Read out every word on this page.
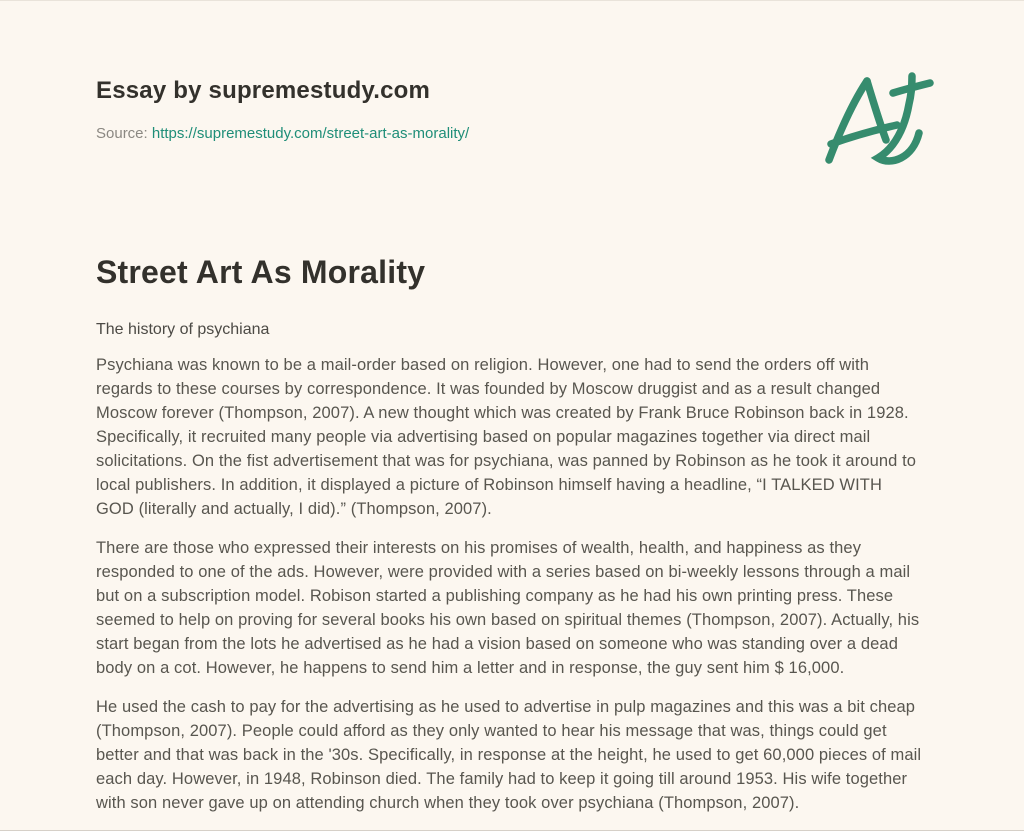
Essay by supremestudy.com
Source: https://supremestudy.com/street-art-as-morality/
Street Art As Morality
The history of psychiana

Psychiana was known to be a mail-order based on religion. However, one had to send the orders off with regards to these courses by correspondence. It was founded by Moscow druggist and as a result changed Moscow forever (Thompson, 2007). A new thought which was created by Frank Bruce Robinson back in 1928. Specifically, it recruited many people via advertising based on popular magazines together via direct mail solicitations. On the fist advertisement that was for psychiana, was panned by Robinson as he took it around to local publishers. In addition, it displayed a picture of Robinson himself having a headline, “I TALKED WITH GOD (literally and actually, I did).” (Thompson, 2007).

There are those who expressed their interests on his promises of wealth, health, and happiness as they responded to one of the ads. However, were provided with a series based on bi-weekly lessons through a mail but on a subscription model. Robison started a publishing company as he had his own printing press. These seemed to help on proving for several books his own based on spiritual themes (Thompson, 2007). Actually, his start began from the lots he advertised as he had a vision based on someone who was standing over a dead body on a cot. However, he happens to send him a letter and in response, the guy sent him $ 16,000.

He used the cash to pay for the advertising as he used to advertise in pulp magazines and this was a bit cheap (Thompson, 2007). People could afford as they only wanted to hear his message that was, things could get better and that was back in the '30s. Specifically, in response at the height, he used to get 60,000 pieces of mail each day. However, in 1948, Robinson died. The family had to keep it going till around 1953. His wife together with son never gave up on attending church when they took over psychiana (Thompson, 2007).
